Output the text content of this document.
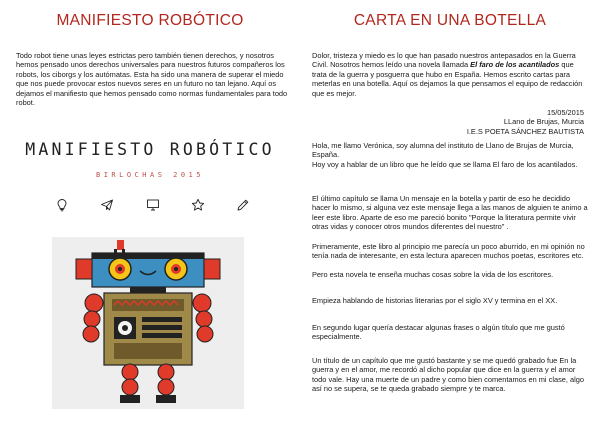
MANIFIESTO ROBÓTICO

Todo robot tiene unas leyes estrictas pero también tienen derechos, y nosotros hemos pensado unos derechos universales para nuestros futuros compañeros los robots, los ciborgs y los autómatas. Esta ha sido una manera de superar el miedo que nos puede provocar estos nuevos seres en un futuro no tan lejano. Aquí os dejamos el manifiesto que hemos pensado como normas fundamentales para todo robot.

MANIFIESTO ROBÓTICO
BIRLOCHAS 2015
CARTA EN UNA BOTELLA

Dolor, tristeza y miedo es lo que han pasado nuestros antepasados en la Guerra Civil. Nosotros hemos leído una novela llamada El faro de los acantilados que trata de la guerra y posguerra que hubo en España. Hemos escrito cartas para meterlas en una botella. Aquí os dejamos la que pensamos el equipo de redacción que es mejor.

15/05/2015
LLano de Brujas, Murcia
I.E.S POETA SÁNCHEZ BAUTISTA

Hola, me llamo Verónica, soy alumna del instituto de Llano de Brujas de Murcia, España.

Hoy voy a hablar de un libro que he leído que se llama El faro de los acantilados.

El último capítulo se llama Un mensaje en la botella y partir de eso he decidido hacer lo mismo, si alguna vez este mensaje llega a las manos de alguien te animo a leer este libro. Aparte de eso me pareció bonito "Porque la literatura permite vivir otras vidas y conocer otros mundos diferentes del nuestro" .

Primeramente, este libro al principio me parecía un poco aburrido, en mi opinión no tenía nada de interesante, en esta lectura aparecen muchos poetas, escritores etc.

Pero esta novela te enseña muchas cosas sobre la vida de los escritores.

Empieza hablando de historias literarias por el siglo XV y termina en el XX.

En segundo lugar quería destacar algunas frases o algún título que me gustó especialmente.

Un título de un capítulo que me gustó bastante y se me quedó grabado fue En la guerra y en el amor, me recordó al dicho popular que dice en la guerra y el amor todo vale. Hay una muerte de un padre y como bien comentamos en mi clase, algo así no se supera, se te queda grabado siempre y te marca.
